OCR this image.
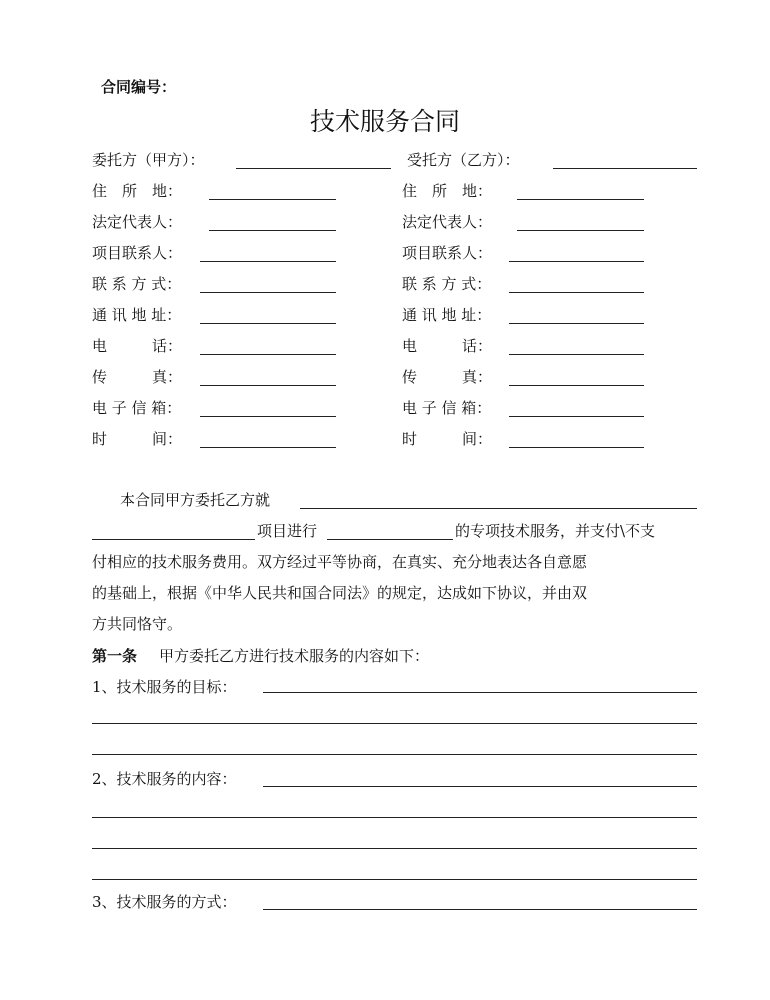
合同编号：
技术服务合同
委托方（甲方）：	受托方（乙方）：
住　所　地：
法定代表人：
项目联系人：
联 系 方 式：
通 讯 地 址：
电　　　话：
传　　　真：
电 子 信 箱：
时　　　间：
住　所　地：
法定代表人：
项目联系人：
联 系 方 式：
通 讯 地 址：
电　　　话：
传　　　真：
电 子 信 箱：
时　　　间：
本合同甲方委托乙方就
项目进行	的专项技术服务，并支付\不支
付相应的技术服务费用。双方经过平等协商，在真实、充分地表达各自意愿
的基础上，根据《中华人民共和国合同法》的规定，达成如下协议，并由双
方共同恪守。
第一条 甲方委托乙方进行技术服务的内容如下：
1、技术服务的目标：
2、技术服务的内容：
3、技术服务的方式：
